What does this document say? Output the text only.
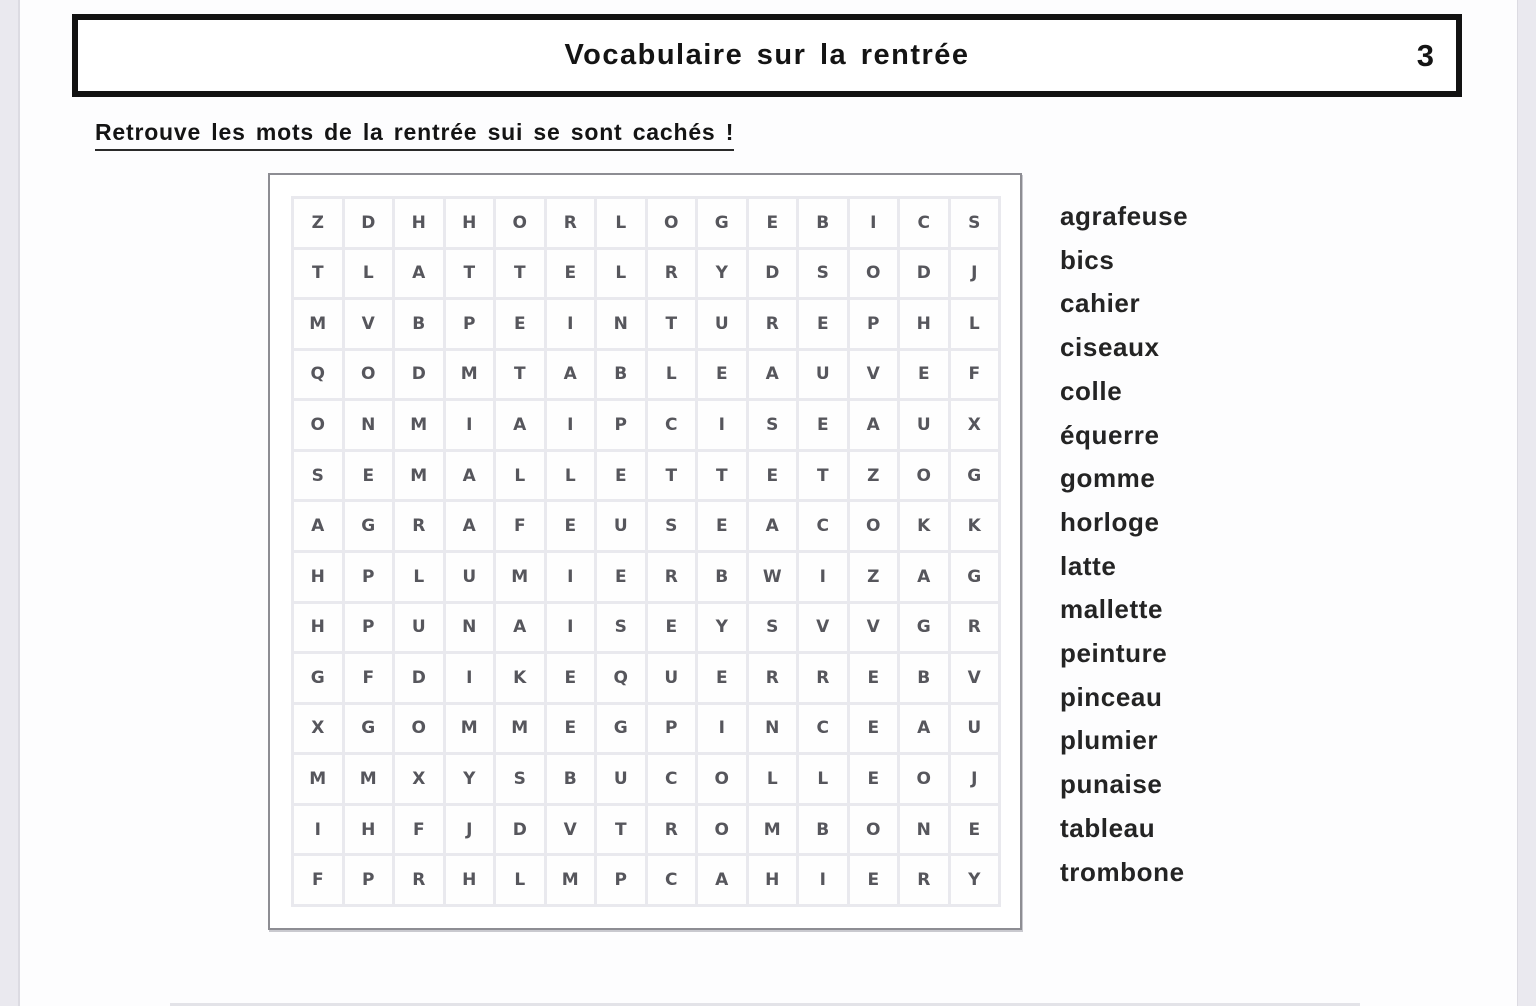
Vocabulaire sur la rentrée	3
Retrouve les mots de la rentrée sui se sont cachés !
Z	D	H	H	O	R	L	O	G	E	B	I	C	S
T	L	A	T	T	E	L	R	Y	D	S	O	D	J
M	V	B	P	E	I	N	T	U	R	E	P	H	L
Q	O	D	M	T	A	B	L	E	A	U	V	E	F
O	N	M	I	A	I	P	C	I	S	E	A	U	X
S	E	M	A	L	L	E	T	T	E	T	Z	O	G
A	G	R	A	F	E	U	S	E	A	C	O	K	K
H	P	L	U	M	I	E	R	B	W	I	Z	A	G
H	P	U	N	A	I	S	E	Y	S	V	V	G	R
G	F	D	I	K	E	Q	U	E	R	R	E	B	V
X	G	O	M	M	E	G	P	I	N	C	E	A	U
M	M	X	Y	S	B	U	C	O	L	L	E	O	J
I	H	F	J	D	V	T	R	O	M	B	O	N	E
F	P	R	H	L	M	P	C	A	H	I	E	R	Y
agrafeuse
bics
cahier
ciseaux
colle
équerre
gomme
horloge
latte
mallette
peinture
pinceau
plumier
punaise
tableau
trombone
